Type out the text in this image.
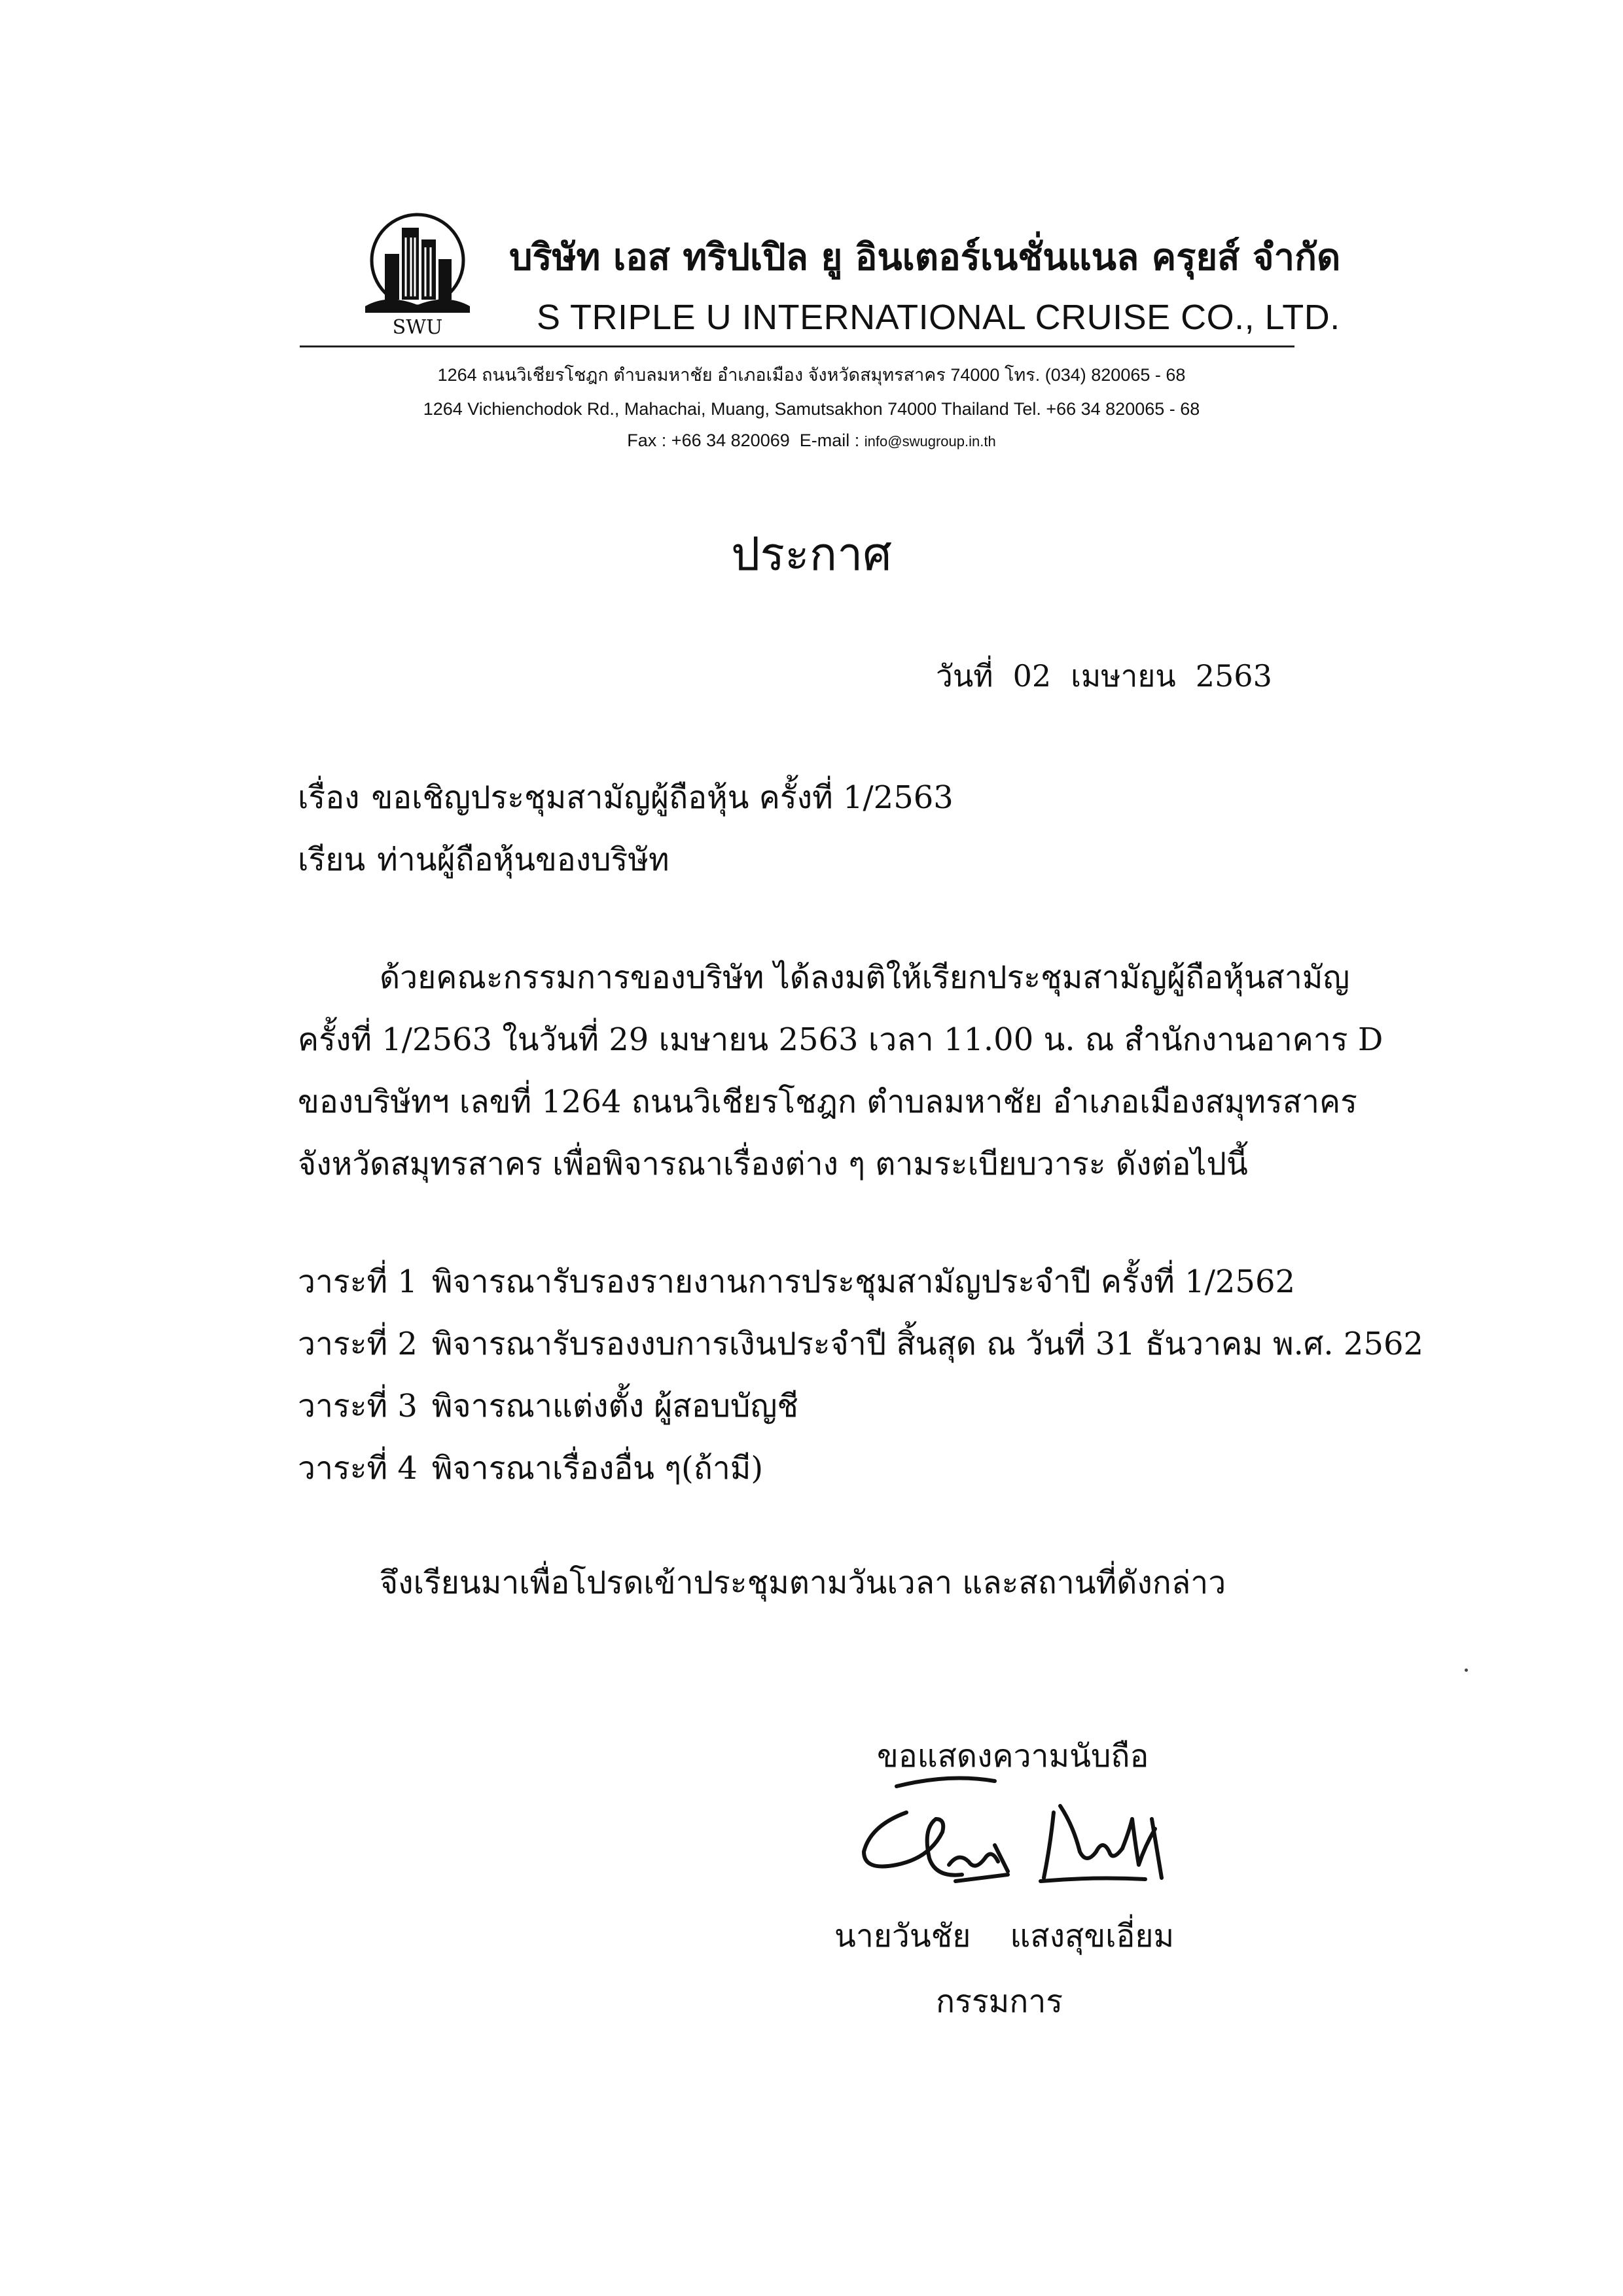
SWU
บริษัท เอส ทริปเปิล ยู อินเตอร์เนชั่นแนล ครุยส์ จำกัด
S TRIPLE U INTERNATIONAL CRUISE CO., LTD.
1264 ถนนวิเชียรโชฎก ตำบลมหาชัย อำเภอเมือง จังหวัดสมุทรสาคร 74000 โทร. (034) 820065 - 68
1264 Vichienchodok Rd., Mahachai, Muang, Samutsakhon 74000 Thailand Tel. +66 34 820065 - 68
Fax : +66 34 820069 E-mail : info@swugroup.in.th
ประกาศ
วันที่ 02 เมษายน 2563
เรื่อง ขอเชิญประชุมสามัญผู้ถือหุ้น ครั้งที่ 1/2563
เรียน ท่านผู้ถือหุ้นของบริษัท
ด้วยคณะกรรมการของบริษัท ได้ลงมติให้เรียกประชุมสามัญผู้ถือหุ้นสามัญ
ครั้งที่ 1/2563 ในวันที่ 29 เมษายน 2563 เวลา 11.00 น. ณ สำนักงานอาคาร D
ของบริษัทฯ เลขที่ 1264 ถนนวิเชียรโชฎก ตำบลมหาชัย อำเภอเมืองสมุทรสาคร
จังหวัดสมุทรสาคร เพื่อพิจารณาเรื่องต่าง ๆ ตามระเบียบวาระ ดังต่อไปนี้
วาระที่ 1 พิจารณารับรองรายงานการประชุมสามัญประจำปี ครั้งที่ 1/2562
วาระที่ 2 พิจารณารับรองงบการเงินประจำปี สิ้นสุด ณ วันที่ 31 ธันวาคม พ.ศ. 2562
วาระที่ 3 พิจารณาแต่งตั้ง ผู้สอบบัญชี
วาระที่ 4 พิจารณาเรื่องอื่น ๆ(ถ้ามี)
จึงเรียนมาเพื่อโปรดเข้าประชุมตามวันเวลา และสถานที่ดังกล่าว
ขอแสดงความนับถือ
นายวันชัย แสงสุขเอี่ยม
กรรมการ
